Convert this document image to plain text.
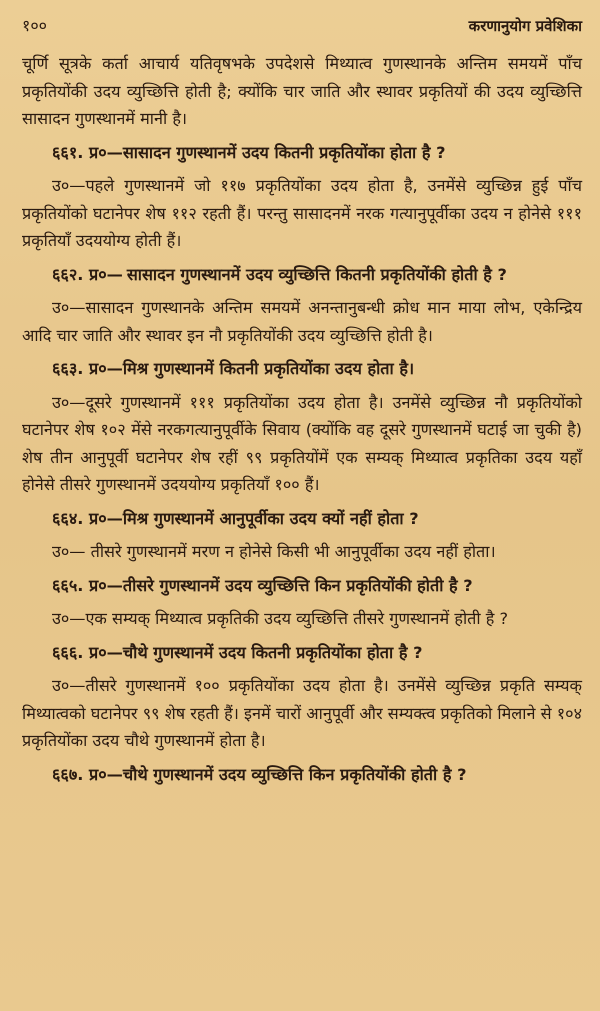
१००	करणानुयोग प्रवेशिका

चूर्णि सूत्रके कर्ता आचार्य यतिवृषभके उपदेशसे मिथ्यात्व गुणस्थानके अन्तिम समयमें पाँच प्रकृतियोंकी उदय व्युच्छित्ति होती है; क्योंकि चार जाति और स्थावर प्रकृतियों की उदय व्युच्छित्ति सासादन गुणस्थानमें मानी है।

६६१. प्र०—सासादन गुणस्थानमें उदय कितनी प्रकृतियोंका होता है ?

उ०—पहले गुणस्थानमें जो ११७ प्रकृतियोंका उदय होता है, उनमेंसे व्युच्छिन्न हुई पाँच प्रकृतियोंको घटानेपर शेष ११२ रहती हैं। परन्तु सासादनमें नरक गत्यानुपूर्वीका उदय न होनेसे १११ प्रकृतियाँ उदययोग्य होती हैं।

६६२. प्र०— सासादन गुणस्थानमें उदय व्युच्छित्ति कितनी प्रकृतियोंकी होती है ?

उ०—सासादन गुणस्थानके अन्तिम समयमें अनन्तानुबन्धी क्रोध मान माया लोभ, एकेन्द्रिय आदि चार जाति और स्थावर इन नौ प्रकृतियोंकी उदय व्युच्छित्ति होती है।

६६३. प्र०—मिश्र गुणस्थानमें कितनी प्रकृतियोंका उदय होता है।

उ०—दूसरे गुणस्थानमें १११ प्रकृतियोंका उदय होता है। उनमेंसे व्युच्छिन्न नौ प्रकृतियोंको घटानेपर शेष १०२ मेंसे नरकगत्यानुपूर्वीके सिवाय (क्योंकि वह दूसरे गुणस्थानमें घटाई जा चुकी है) शेष तीन आनुपूर्वी घटानेपर शेष रहीं ९९ प्रकृतियोंमें एक सम्यक् मिथ्यात्व प्रकृतिका उदय यहाँ होनेसे तीसरे गुणस्थानमें उदययोग्य प्रकृतियाँ १०० हैं।

६६४. प्र०—मिश्र गुणस्थानमें आनुपूर्वीका उदय क्यों नहीं होता ?

उ०— तीसरे गुणस्थानमें मरण न होनेसे किसी भी आनुपूर्वीका उदय नहीं होता।

६६५. प्र०—तीसरे गुणस्थानमें उदय व्युच्छित्ति किन प्रकृतियोंकी होती है ?

उ०—एक सम्यक् मिथ्यात्व प्रकृतिकी उदय व्युच्छित्ति तीसरे गुणस्थानमें होती है ?

६६६. प्र०—चौथे गुणस्थानमें उदय कितनी प्रकृतियोंका होता है ?

उ०—तीसरे गुणस्थानमें १०० प्रकृतियोंका उदय होता है। उनमेंसे व्युच्छिन्न प्रकृति सम्यक् मिथ्यात्वको घटानेपर ९९ शेष रहती हैं। इनमें चारों आनुपूर्वी और सम्यक्त्व प्रकृतिको मिलाने से १०४ प्रकृतियोंका उदय चौथे गुणस्थानमें होता है।

६६७. प्र०—चौथे गुणस्थानमें उदय व्युच्छित्ति किन प्रकृतियोंकी होती है ?
